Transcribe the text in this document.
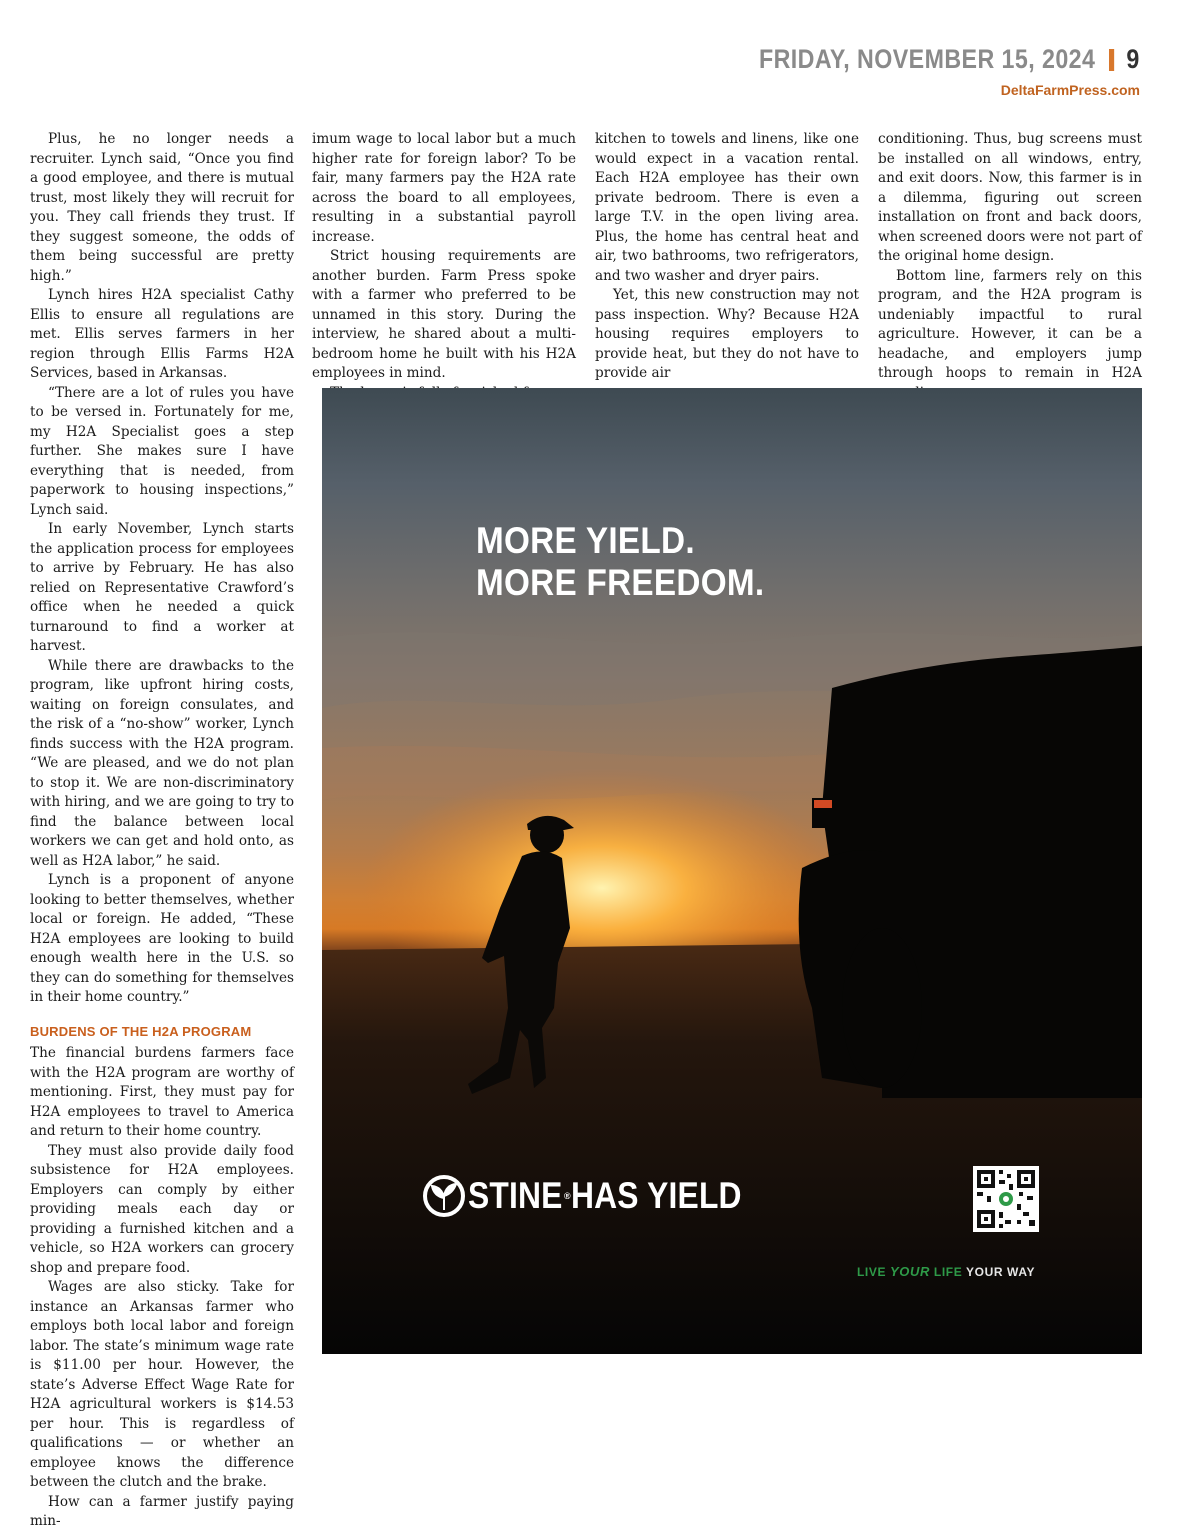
FRIDAY, NOVEMBER 15, 2024 9
DeltaFarmPress.com

Plus, he no longer needs a recruiter. Lynch said, “Once you find a good employee, and there is mutual trust, most likely they will recruit for you. They call friends they trust. If they suggest someone, the odds of them being successful are pretty high.”

Lynch hires H2A specialist Cathy Ellis to ensure all regulations are met. Ellis serves farmers in her region through Ellis Farms H2A Services, based in Arkansas.

“There are a lot of rules you have to be versed in. Fortunately for me, my H2A Specialist goes a step further. She makes sure I have everything that is needed, from paperwork to housing inspections,” Lynch said.

In early November, Lynch starts the application process for employees to arrive by February. He has also relied on Representative Crawford’s office when he needed a quick turnaround to find a worker at harvest.

While there are drawbacks to the program, like upfront hiring costs, waiting on foreign consulates, and the risk of a “no-show” worker, Lynch finds success with the H2A program. “We are pleased, and we do not plan to stop it. We are non-discriminatory with hiring, and we are going to try to find the balance between local workers we can get and hold onto, as well as H2A labor,” he said.

Lynch is a proponent of anyone looking to better themselves, whether local or foreign. He added, “These H2A employees are looking to build enough wealth here in the U.S. so they can do something for themselves in their home country.”

BURDENS OF THE H2A PROGRAM

The financial burdens farmers face with the H2A program are worthy of mentioning. First, they must pay for H2A employees to travel to America and return to their home country.

They must also provide daily food subsistence for H2A employees. Employers can comply by either providing meals each day or providing a furnished kitchen and a vehicle, so H2A workers can grocery shop and prepare food.

Wages are also sticky. Take for instance an Arkansas farmer who employs both local labor and foreign labor. The state’s minimum wage rate is $11.00 per hour. However, the state’s Adverse Effect Wage Rate for H2A agricultural workers is $14.53 per hour. This is regardless of qualifications — or whether an employee knows the difference between the clutch and the brake.

How can a farmer justify paying min-

imum wage to local labor but a much higher rate for foreign labor? To be fair, many farmers pay the H2A rate across the board to all employees, resulting in a substantial payroll increase.

Strict housing requirements are another burden. Farm Press spoke with a farmer who preferred to be unnamed in this story. During the interview, he shared about a multi-bedroom home he built with his H2A employees in mind.

kitchen to towels and linens, like one would expect in a vacation rental. Each H2A employee has their own private bedroom. There is even a large T.V. in the open living area. Plus, the home has central heat and air, two bathrooms, two refrigerators, and two washer and dryer pairs.

Yet, this new construction may not pass inspection. Why? Because H2A housing requires employers to provide heat, but they do not have to provide air

conditioning. Thus, bug screens must be installed on all windows, entry, and exit doors. Now, this farmer is in a dilemma, figuring out screen installation on front and back doors, when screened doors were not part of the original home design.

Bottom line, farmers rely on this program, and the H2A program is undeniably impactful to rural agriculture. However, it can be a headache, and employers jump through hoops to remain in H2A

MORE YIELD.
MORE FREEDOM.
STINE ® HAS YIELD
LIVE YOUR LIFE YOUR WAY
